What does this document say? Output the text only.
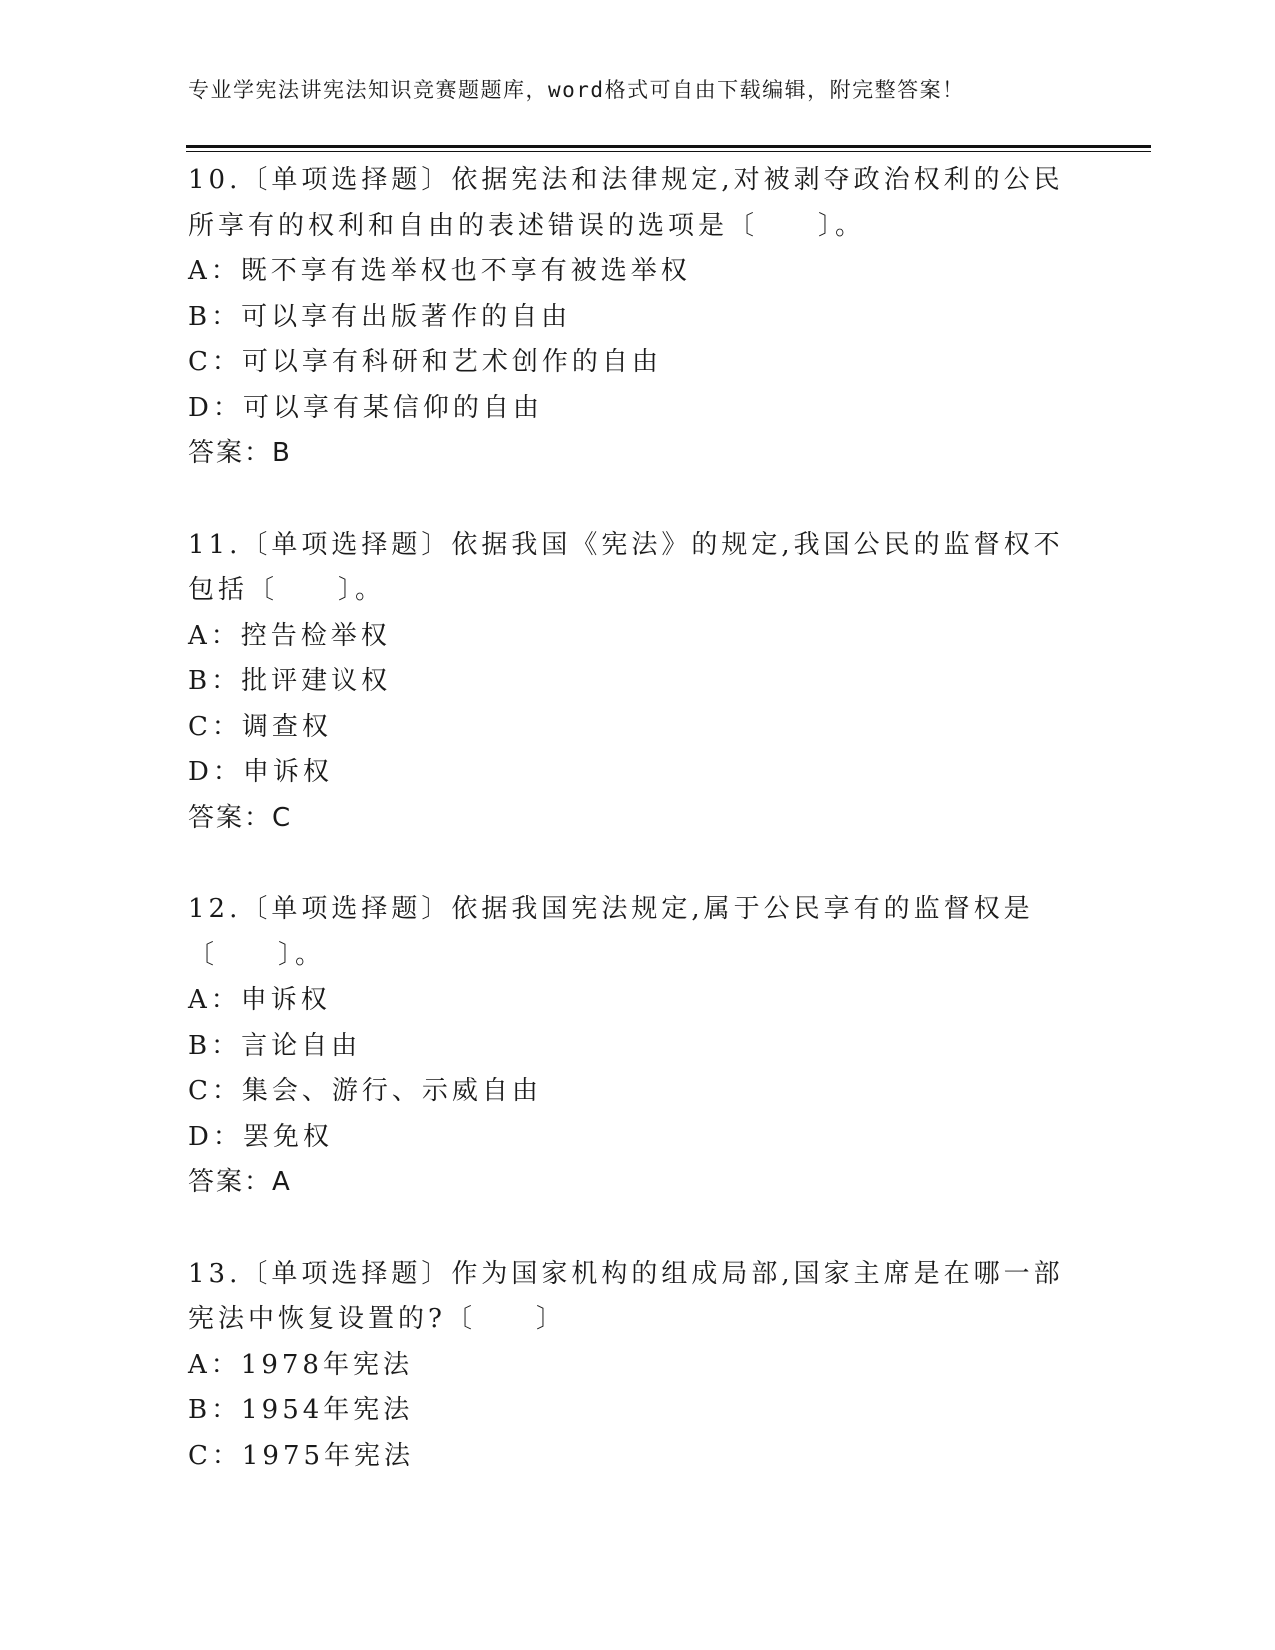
专业学宪法讲宪法知识竞赛题题库，word格式可自由下载编辑，附完整答案！
10.〔单项选择题〕依据宪法和法律规定,对被剥夺政治权利的公民所享有的权利和自由的表述错误的选项是〔　　〕。
A：既不享有选举权也不享有被选举权
B：可以享有出版著作的自由
C：可以享有科研和艺术创作的自由
D：可以享有某信仰的自由
答案：B
11.〔单项选择题〕依据我国《宪法》的规定,我国公民的监督权不包括〔　　〕。
A：控告检举权
B：批评建议权
C：调查权
D：申诉权
答案：C
12.〔单项选择题〕依据我国宪法规定,属于公民享有的监督权是〔　　〕。
A：申诉权
B：言论自由
C：集会、游行、示威自由
D：罢免权
答案：A
13.〔单项选择题〕作为国家机构的组成局部,国家主席是在哪一部宪法中恢复设置的?〔　　〕
A：1978年宪法
B：1954年宪法
C：1975年宪法
